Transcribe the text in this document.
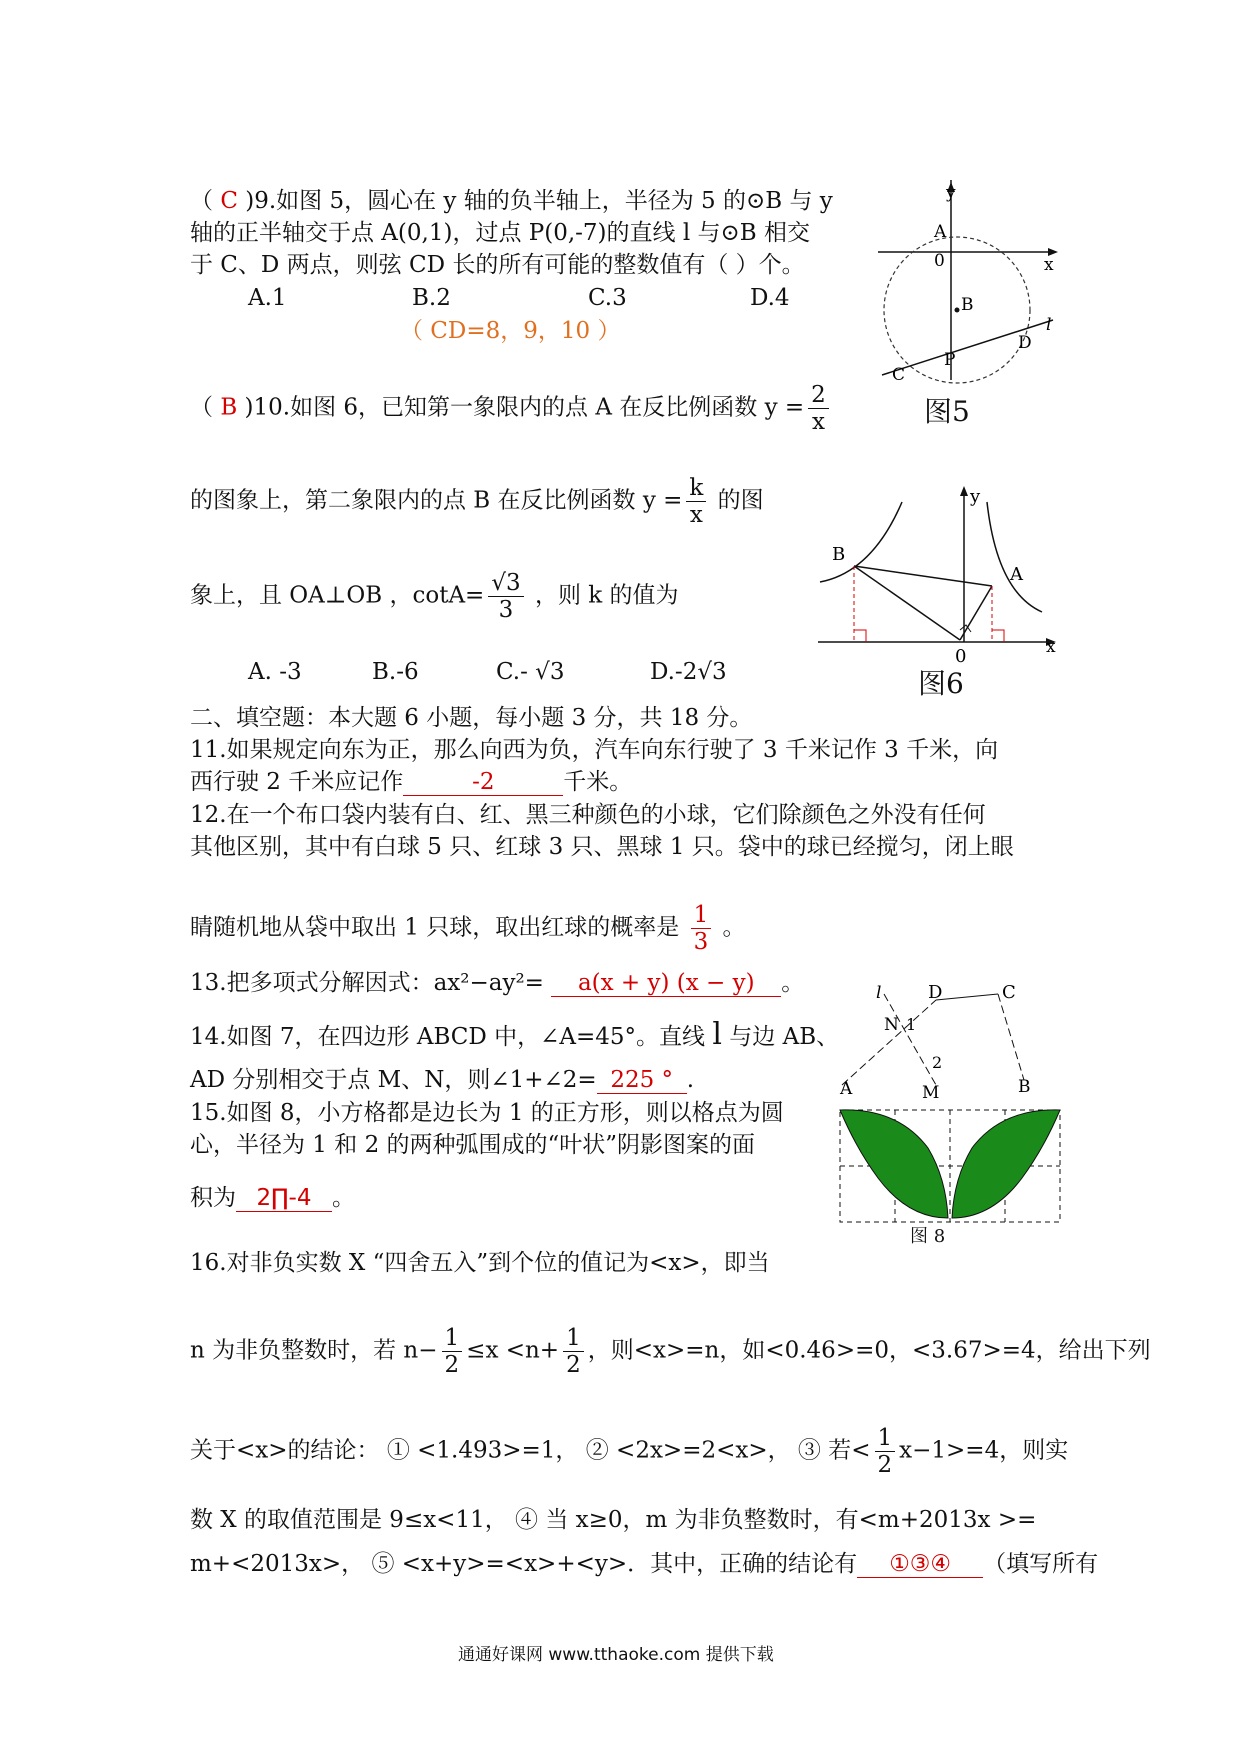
（ C )9.如图 5，圆心在 y 轴的负半轴上，半径为 5 的⊙B 与 y
轴的正半轴交于点 A(0,1)，过点 P(0,-7)的直线 l 与⊙B 相交
于 C、D 两点，则弦 CD 长的所有可能的整数值有（ ）个。
A.1	B.2	C.3	D.4
（ CD=8，9，10 ）
y
x
A
0
B
P
C
D
l
图5
（ B )10.如图 6，已知第一象限内的点 A 在反比例函数 $y = \frac{2}{x}$
的图象上，第二象限内的点 B 在反比例函数 $y = \frac{k}{x}$ 的图
象上，且 OA⊥OB ，$\cot A= \frac{√3}{3}$ ，则 k 的值为
A. -3	B.-6	C.- √3	D.-2√3
y
x
B
A
0
图6
二、填空题：本大题 6 小题，每小题 3 分，共 18 分。
11.如果规定向东为正，那么向西为负，汽车向东行驶了 3 千米记作 3 千米，向
西行驶 2 千米应记作	-2	千米。
12.在一个布口袋内装有白、红、黑三种颜色的小球，它们除颜色之外没有任何
其他区别，其中有白球 5 只、红球 3 只、黑球 1 只。袋中的球已经搅匀，闭上眼
睛随机地从袋中取出 1 只球，取出红球的概率是 $\frac{1}{3}$ 。
13.把多项式分解因式：ax²−ay²= a(x + y) (x − y) 。
14.如图 7，在四边形 ABCD 中，∠A=45°。直线 l 与边 AB、
AD 分别相交于点 M、N，则∠1+∠2= 225 ° .
l	D	C
N 1
2
A	M	B
15.如图 8，小方格都是边长为 1 的正方形，则以格点为圆
心，半径为 1 和 2 的两种弧围成的“叶状”阴影图案的面
积为 2∏-4 。
图 8
16.对非负实数 X “四舍五入”到个位的值记为<x>，即当
n 为非负整数时，若 $n- \frac{1}{2} \le x <n+ \frac{1}{2}$ ，则<x>=n，如<0.46>=0，<3.67>=4，给出下列
关于<x>的结论： ① <1.493>=1， ② <2x>=2<x>， ③ 若< $\frac{1}{2} x-1>=4$，则实
数 X 的取值范围是 9≤x<11， ④ 当 x≥0，m 为非负整数时，有<m+2013x >=
m+<2013x>， ⑤ <x+y>=<x>+<y>．其中，正确的结论有 ①③④ （填写所有
通通好课网 www.tthaoke.com 提供下载
